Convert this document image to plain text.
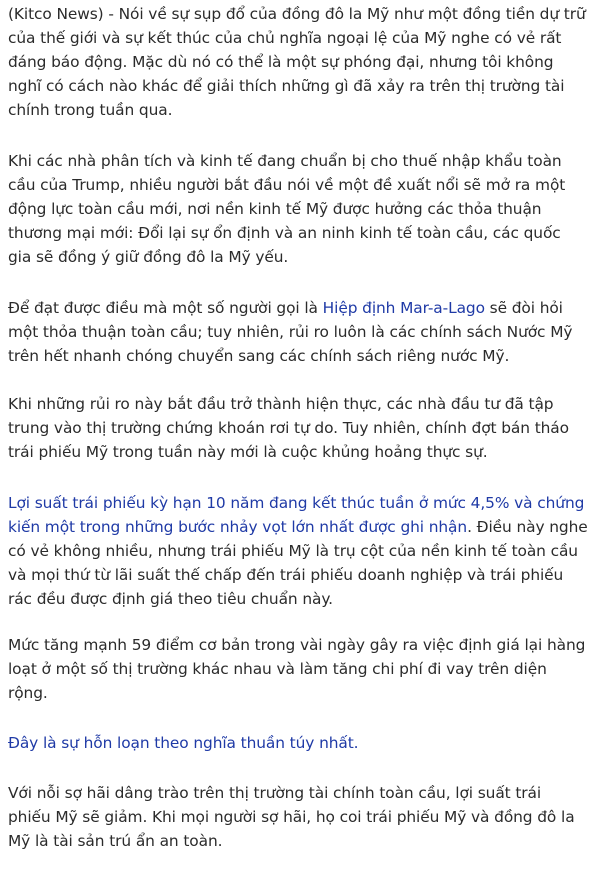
(Kitco News) - Nói về sự sụp đổ của đồng đô la Mỹ như một đồng tiền dự trữ của thế giới và sự kết thúc của chủ nghĩa ngoại lệ của Mỹ nghe có vẻ rất đáng báo động. Mặc dù nó có thể là một sự phóng đại, nhưng tôi không nghĩ có cách nào khác để giải thích những gì đã xảy ra trên thị trường tài chính trong tuần qua.

Khi các nhà phân tích và kinh tế đang chuẩn bị cho thuế nhập khẩu toàn cầu của Trump, nhiều người bắt đầu nói về một đề xuất nổi sẽ mở ra một động lực toàn cầu mới, nơi nền kinh tế Mỹ được hưởng các thỏa thuận thương mại mới: Đổi lại sự ổn định và an ninh kinh tế toàn cầu, các quốc gia sẽ đồng ý giữ đồng đô la Mỹ yếu.

Để đạt được điều mà một số người gọi là Hiệp định Mar-a-Lago sẽ đòi hỏi một thỏa thuận toàn cầu; tuy nhiên, rủi ro luôn là các chính sách Nước Mỹ trên hết nhanh chóng chuyển sang các chính sách riêng nước Mỹ.

Khi những rủi ro này bắt đầu trở thành hiện thực, các nhà đầu tư đã tập trung vào thị trường chứng khoán rơi tự do. Tuy nhiên, chính đợt bán tháo trái phiếu Mỹ trong tuần này mới là cuộc khủng hoảng thực sự.

Lợi suất trái phiếu kỳ hạn 10 năm đang kết thúc tuần ở mức 4,5% và chứng kiến một trong những bước nhảy vọt lớn nhất được ghi nhận. Điều này nghe có vẻ không nhiều, nhưng trái phiếu Mỹ là trụ cột của nền kinh tế toàn cầu và mọi thứ từ lãi suất thế chấp đến trái phiếu doanh nghiệp và trái phiếu rác đều được định giá theo tiêu chuẩn này.

Mức tăng mạnh 59 điểm cơ bản trong vài ngày gây ra việc định giá lại hàng loạt ở một số thị trường khác nhau và làm tăng chi phí đi vay trên diện rộng.

Đây là sự hỗn loạn theo nghĩa thuần túy nhất.

Với nỗi sợ hãi dâng trào trên thị trường tài chính toàn cầu, lợi suất trái phiếu Mỹ sẽ giảm. Khi mọi người sợ hãi, họ coi trái phiếu Mỹ và đồng đô la Mỹ là tài sản trú ẩn an toàn.
